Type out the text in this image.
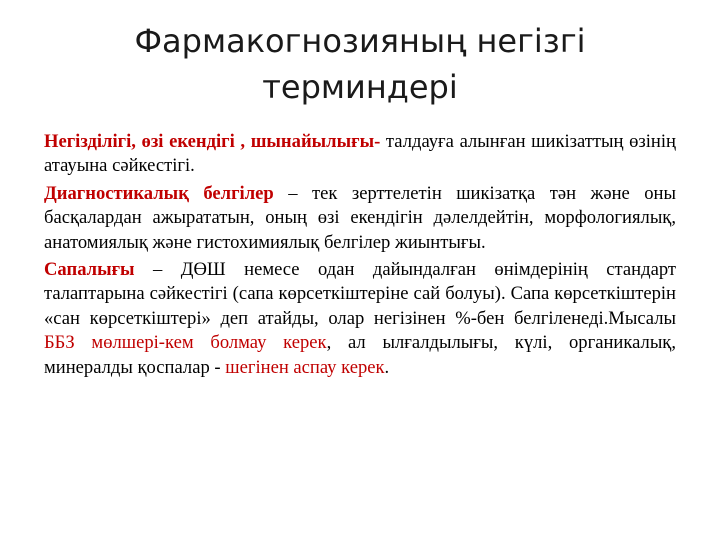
Фармакогнозияның негізгі
терминдері

Негізділігі, өзі екендігі , шынайылығы- талдауға алынған шикізаттың өзінің атауына сәйкестігі.

Диагностикалық белгілер – тек зерттелетін шикізатқа тән және оны басқалардан ажырататын, оның өзі екендігін дәлелдейтін, морфологиялық, анатомиялық және гистохимиялық белгілер жиынтығы.

Сапалығы – ДӨШ немесе одан дайындалған өнімдерінің стандарт талаптарына сәйкестігі (сапа көрсеткіштеріне сай болуы). Сапа көрсеткіштерін «сан көрсеткіштері» деп атайды, олар негізінен %-бен белгіленеді.Мысалы ББЗ мөлшері-кем болмау керек, ал ылғалдылығы, күлі, органикалық, минералды қоспалар - шегінен аспау керек.
